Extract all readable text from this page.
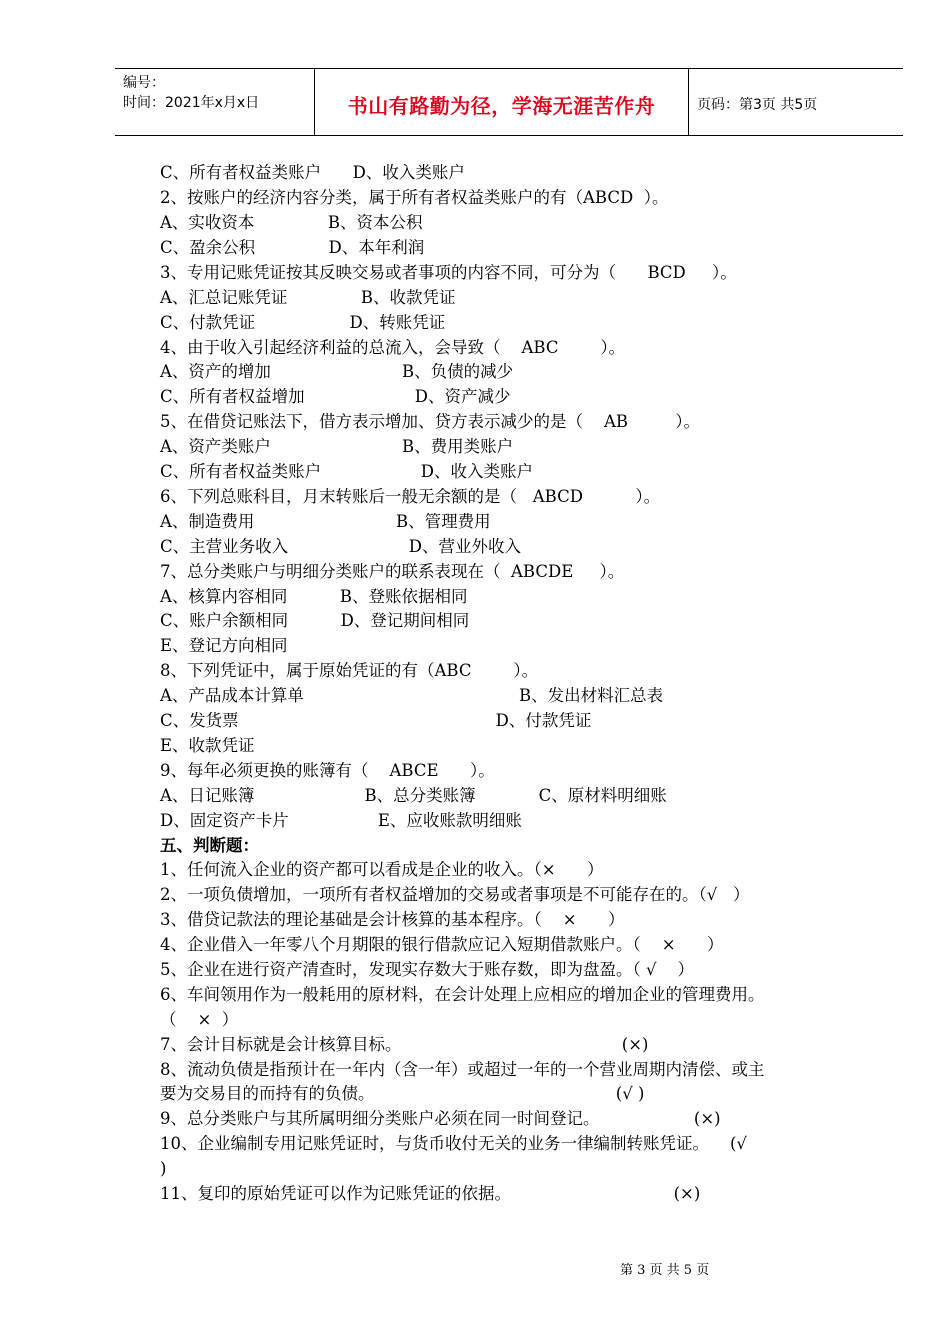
编号：
时间：2021年x月x日	书山有路勤为径，学海无涯苦作舟	页码：第3页 共5页
C、所有者权益类账户      D、收入类账户
2、按账户的经济内容分类，属于所有者权益类账户的有（ABCD  ）。
A、实收资本              B、资本公积
C、盈余公积              D、本年利润
3、专用记账凭证按其反映交易或者事项的内容不同，可分为（      BCD     ）。
A、汇总记账凭证              B、收款凭证
C、付款凭证                  D、转账凭证
4、由于收入引起经济利益的总流入，会导致（    ABC        ）。
A、资产的增加                         B、负债的减少
C、所有者权益增加                     D、资产减少
5、在借贷记账法下，借方表示增加、贷方表示减少的是（    AB         ）。
A、资产类账户                         B、费用类账户
C、所有者权益类账户                   D、收入类账户
6、下列总账科目，月末转账后一般无余额的是（   ABCD          ）。
A、制造费用                           B、管理费用
C、主营业务收入                       D、营业外收入
7、总分类账户与明细分类账户的联系表现在（  ABCDE     ）。
A、核算内容相同          B、登账依据相同
C、账户余额相同          D、登记期间相同
E、登记方向相同
8、下列凭证中，属于原始凭证的有（ABC        ）。
A、产品成本计算单                                         B、发出材料汇总表
C、发货票                                                 D、付款凭证
E、收款凭证
9、每年必须更换的账簿有（    ABCE      ）。
A、日记账簿                     B、总分类账簿            C、原材料明细账
D、固定资产卡片                 E、应收账款明细账
五、判断题：
1、任何流入企业的资产都可以看成是企业的收入。（×      ）
2、一项负债增加，一项所有者权益增加的交易或者事项是不可能存在的。（√   ）
3、借贷记款法的理论基础是会计核算的基本程序。（    ×      ）
4、企业借入一年零八个月期限的银行借款应记入短期借款账户。（    ×      ）
5、企业在进行资产清查时，发现实存数大于账存数，即为盘盈。（ √    ）
6、车间领用作为一般耗用的原材料，在会计处理上应相应的增加企业的管理费用。
（    ×  ）
7、会计目标就是会计核算目标。                                          (×)
8、流动负债是指预计在一年内（含一年）或超过一年的一个营业周期内清偿、或主
要为交易目的而持有的负债。                                              (√ )
9、总分类账户与其所属明细分类账户必须在同一时间登记。                  (×)
10、企业编制专用记账凭证时，与货币收付无关的业务一律编制转账凭证。    (√
)
11、复印的原始凭证可以作为记账凭证的依据。                               (×)
第 3 页 共 5 页
